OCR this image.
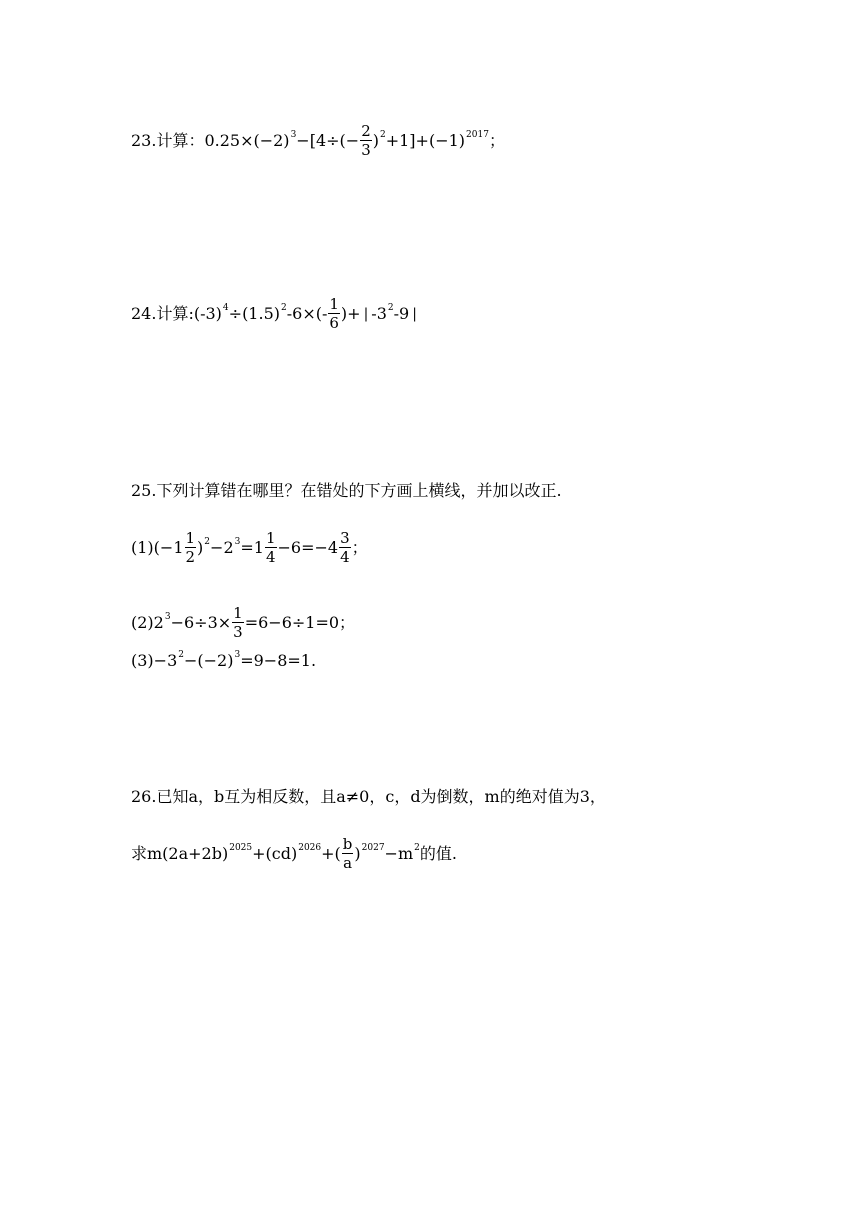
23.计算：0.25×(−2) $3 -[4\div(- \frac{2}{3}$ ) 2 +1]+(−1) 2017 ；
24.计算:(-3) 4 ÷(1.5) 2 $-6\times(- \frac{1}{6}$ )+ | -3 2 -9 |
25.下列计算错在哪里？在错处的下方画上横线，并加以改正.
$(1)(-1 \frac{1}{2}$ ) 2 −2 $3 =1 \frac{1}{4} -6=-4 \frac{3}{4}$ ；
(2)2 $3 -6\div 3\times \frac{1}{3} =6-6\div 1=0$；
(3)−3 2 −(−2) 3 =9−8=1.
26.已知a，b互为相反数，且a≠0，c，d为倒数，m的绝对值为3，
求m(2a+2b) 2025 +(cd) 2026 +( $\frac{b}{a}$ ) 2027 −m 2 的值.
